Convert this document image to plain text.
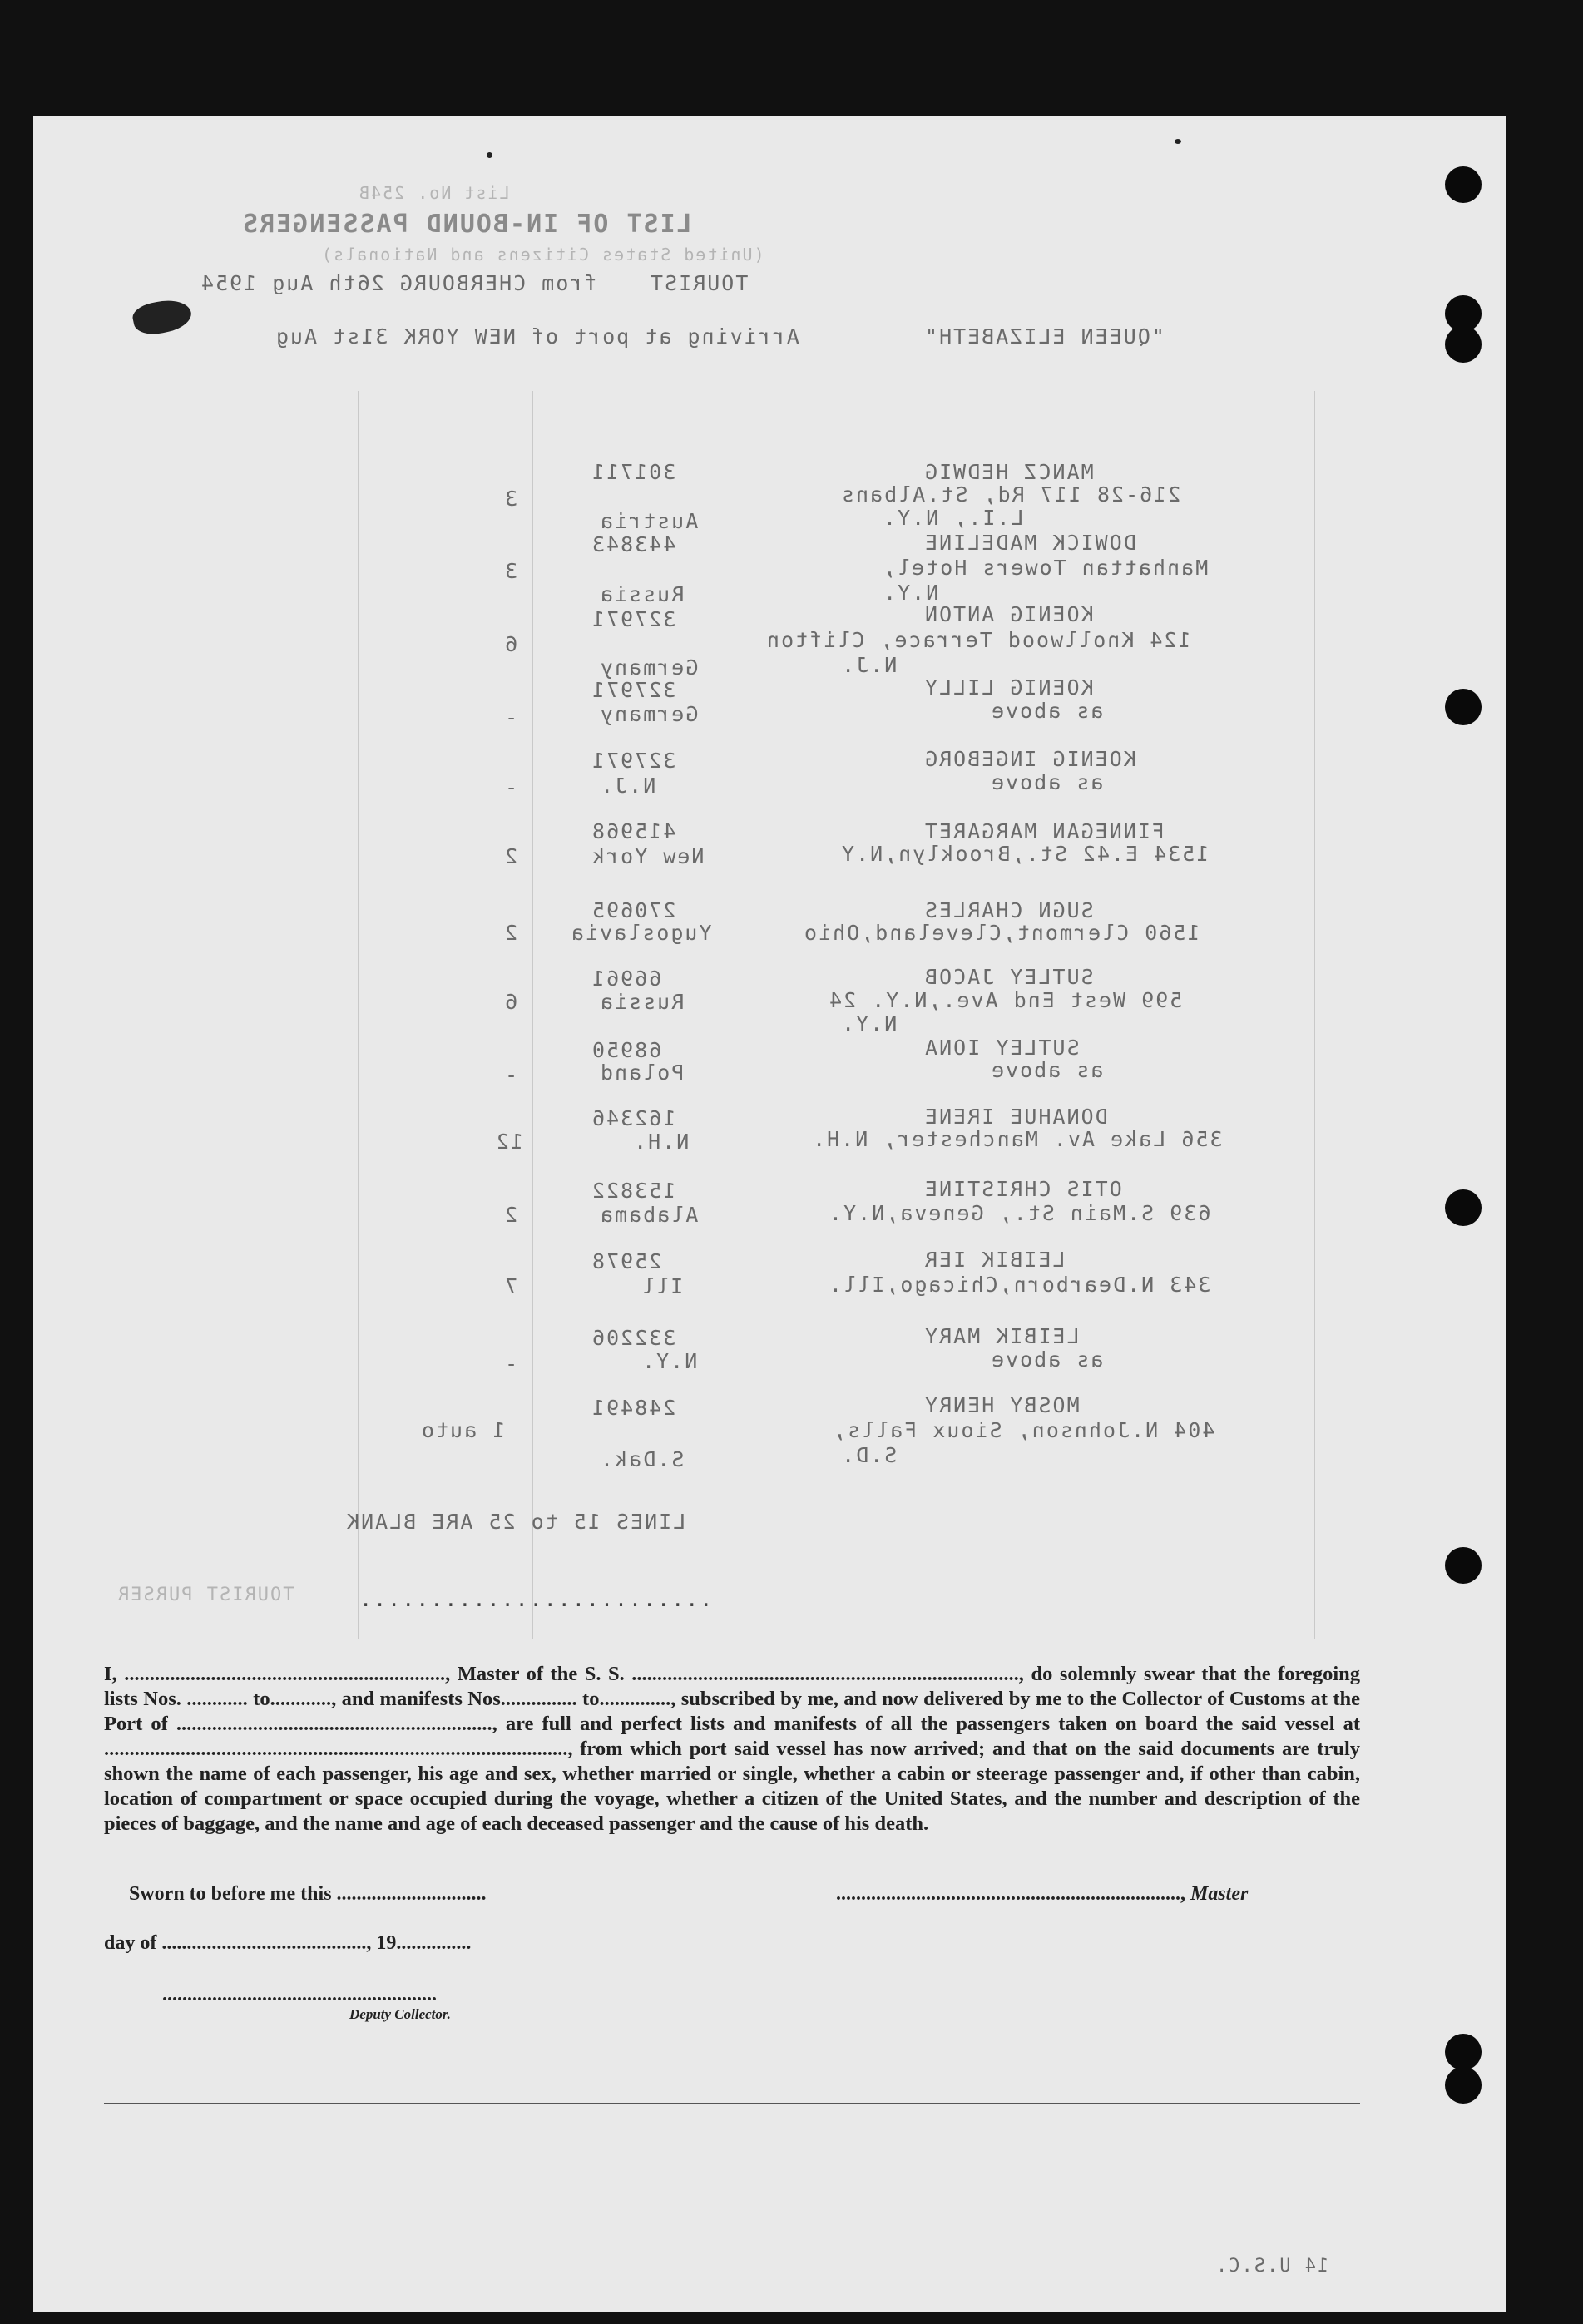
List No. 254B
LIST OF IN-BOUND PASSENGERS
(United States Citizens and Nationals)
TOURIST
from CHERBOURG 26th Aug 1954
"QUEEN ELIZABETH"
Arriving at port of NEW YORK 31st Aug
MANCZ HEDWIG
216-28 117 Rd, St.Albans
L.I., N.Y.
301711
Austria
3
DOWICK MADELINE
Manhattan Towers Hotel,
N.Y.
443843
Russia
3
KOENIG ANTON
124 Knollwood Terrace, Clifton
N.J.
327971
Germany
6
KOENIG LILLY
as above
327971
Germany
-
KOENIG INGEBORG
as above
327971
N.J.
-
FINNEGAN MARGARET
1534 E.42 St.,Brooklyn,N.Y
415968
New York
2
SUGN CHARLES
1560 Clermont,Cleveland,Ohio
270695
Yugoslavia
2
SUTLEY JACOB
599 West End Ave.,N.Y. 24
N.Y.
66961
Russia
6
SUTLEY IONA
as above
68950
Poland
-
DONAHUE IRENE
356 Lake Av. Manchester, N.H.
162346
N.H.
12
OTIS CHRISTINE
639 S.Main St., Geneva,N.Y.
153822
Alabama
2
LEIBIK IER
343 N.Dearborn,Chicago,Ill.
25978
Ill
7
LEIBIK MARY
as above
332206
N.Y.
-
MOSBY HENRY
404 N.Johnson, Sioux Falls,
S.D.
248491
S.Dak.
1 auto
LINES 15 to 25 ARE BLANK
TOURIST PURSER	.........................
14 U.S.C.
I, ..............................................................., Master of the S. S. ............................................................................, do solemnly swear that the foregoing lists Nos. ............ to............, and manifests Nos............... to.............., subscribed by me, and now delivered by me to the Collector of Customs at the Port of .............................................................., are full and perfect lists and manifests of all the passengers taken on board the said vessel at ..........................................................................................., from which port said vessel has now arrived; and that on the said documents are truly shown the name of each passenger, his age and sex, whether married or single, whether a cabin or steerage passenger and, if other than cabin, location of compartment or space occupied during the voyage, whether a citizen of the United States, and the number and description of the pieces of baggage, and the name and age of each deceased passenger and the cause of his death.
Sworn to before me this ..............................	....................................................................., Master
day of ........................................., 19...............
.......................................................
Deputy Collector.
